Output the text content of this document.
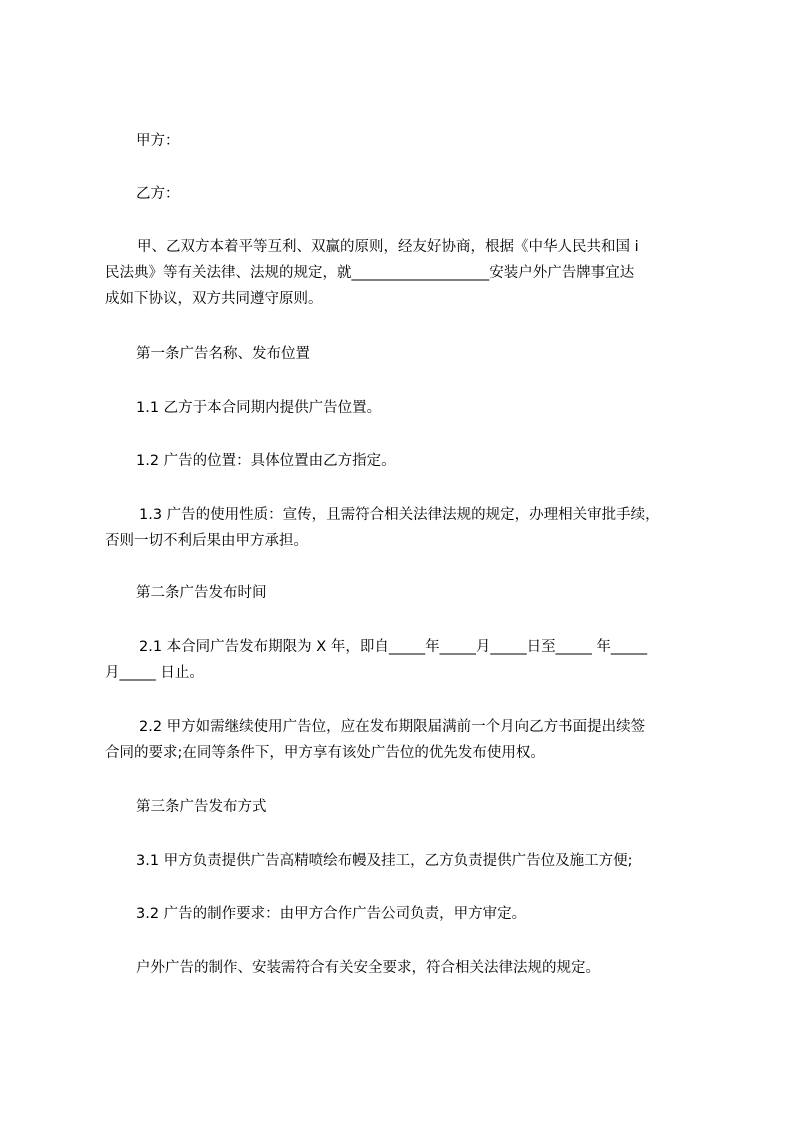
甲方：

乙方：

甲、乙双方本着平等互利、双赢的原则，经友好协商，根据《中华人民共和国 i
民法典》等有关法律、法规的规定，就___________________安装户外广告牌事宜达
成如下协议，双方共同遵守原则。

第一条广告名称、发布位置

1.1 乙方于本合同期内提供广告位置。

1.2 广告的位置：具体位置由乙方指定。

1.3 广告的使用性质：宣传，且需符合相关法律法规的规定，办理相关审批手续，
否则一切不利后果由甲方承担。

第二条广告发布时间

2.1 本合同广告发布期限为 X 年，即自_____年_____月_____日至_____ 年_____
月_____ 日止。

2.2 甲方如需继续使用广告位，应在发布期限届满前一个月向乙方书面提出续签
合同的要求;在同等条件下，甲方享有该处广告位的优先发布使用权。

第三条广告发布方式

3.1 甲方负责提供广告高精喷绘布幔及挂工，乙方负责提供广告位及施工方便;

3.2 广告的制作要求：由甲方合作广告公司负责，甲方审定。

户外广告的制作、安装需符合有关安全要求，符合相关法律法规的规定。
